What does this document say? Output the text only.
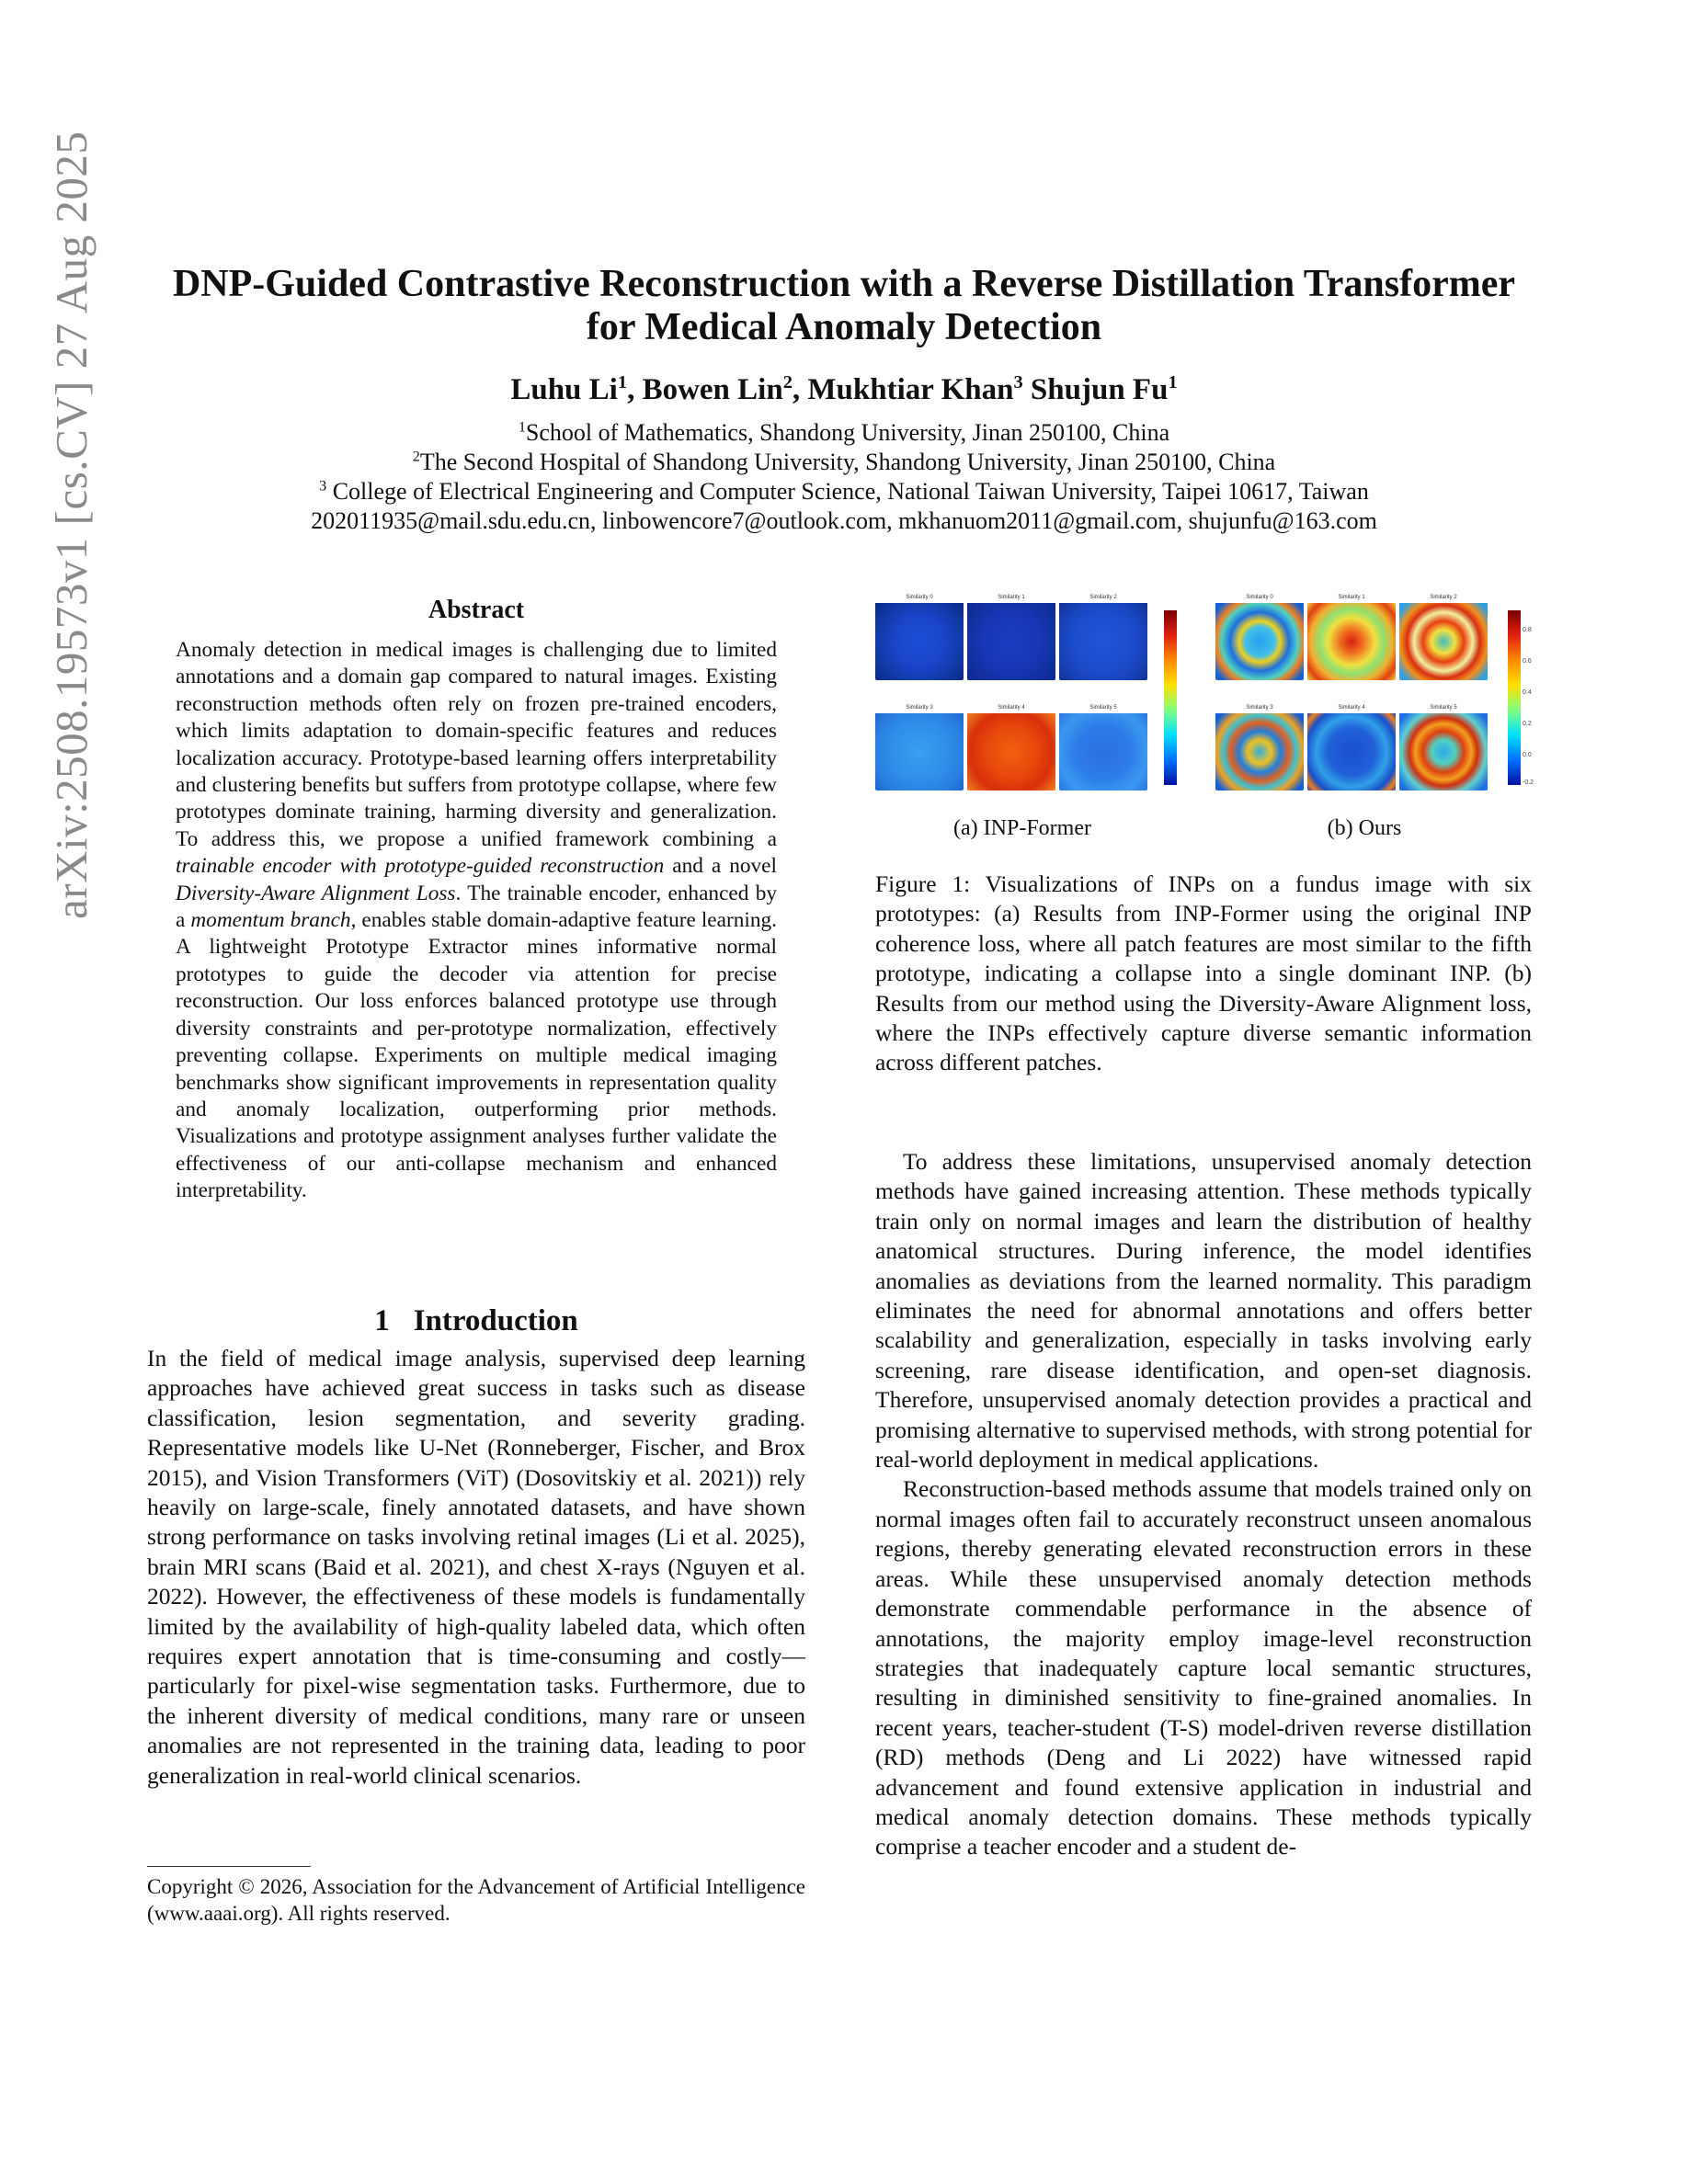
arXiv:2508.19573v1 [cs.CV] 27 Aug 2025	DNP-Guided Contrastive Reconstruction with a Reverse Distillation Transformer
for Medical Anomaly Detection
Luhu Li$^1$, Bowen Lin$^2$, Mukhtiar Khan$^3$ Shujun Fu$^1$
$^1$School of Mathematics, Shandong University, Jinan 250100, China
$^2$The Second Hospital of Shandong University, Shandong University, Jinan 250100, China
$^3$ College of Electrical Engineering and Computer Science, National Taiwan University, Taipei 10617, Taiwan
202011935@mail.sdu.edu.cn, linbowencore7@outlook.com, mkhanuom2011@gmail.com, shujunfu@163.com
Abstract
Anomaly detection in medical images is challenging due to limited annotations and a domain gap compared to natural images. Existing reconstruction methods often rely on frozen pre-trained encoders, which limits adaptation to domain-specific features and reduces localization accuracy. Prototype-based learning offers interpretability and clustering benefits but suffers from prototype collapse, where few prototypes dominate training, harming diversity and generalization. To address this, we propose a unified framework combining a trainable encoder with prototype-guided reconstruction and a novel Diversity-Aware Alignment Loss. The trainable encoder, enhanced by a momentum branch, enables stable domain-adaptive feature learning. A lightweight Prototype Extractor mines informative normal prototypes to guide the decoder via attention for precise reconstruction. Our loss enforces balanced prototype use through diversity constraints and per-prototype normalization, effectively preventing collapse. Experiments on multiple medical imaging benchmarks show significant improvements in representation quality and anomaly localization, outperforming prior methods. Visualizations and prototype assignment analyses further validate the effectiveness of our anti-collapse mechanism and enhanced interpretability.
1 Introduction

In the field of medical image analysis, supervised deep learning approaches have achieved great success in tasks such as disease classification, lesion segmentation, and severity grading. Representative models like U-Net (Ronneberger, Fischer, and Brox 2015), and Vision Transformers (ViT) (Dosovitskiy et al. 2021)) rely heavily on large-scale, finely annotated datasets, and have shown strong performance on tasks involving retinal images (Li et al. 2025), brain MRI scans (Baid et al. 2021), and chest X-rays (Nguyen et al. 2022). However, the effectiveness of these models is fundamentally limited by the availability of high-quality labeled data, which often requires expert annotation that is time-consuming and costly—particularly for pixel-wise segmentation tasks. Furthermore, due to the inherent diversity of medical conditions, many rare or unseen anomalies are not represented in the training data, leading to poor generalization in real-world clinical scenarios.

Copyright © 2026, Association for the Advancement of Artificial Intelligence (www.aaai.org). All rights reserved.
Similarity 0	Similarity 1	Similarity 2
Similarity 3	Similarity 4	Similarity 5
Similarity 0	Similarity 1	Similarity 2
Similarity 3	Similarity 4	Similarity 5
0.8
0.6
0.4
0.2
0.0
-0.2
(a) INP-Former	(b) Ours
Figure 1: Visualizations of INPs on a fundus image with six prototypes: (a) Results from INP-Former using the original INP coherence loss, where all patch features are most similar to the fifth prototype, indicating a collapse into a single dominant INP. (b) Results from our method using the Diversity-Aware Alignment loss, where the INPs effectively capture diverse semantic information across different patches.

To address these limitations, unsupervised anomaly detection methods have gained increasing attention. These methods typically train only on normal images and learn the distribution of healthy anatomical structures. During inference, the model identifies anomalies as deviations from the learned normality. This paradigm eliminates the need for abnormal annotations and offers better scalability and generalization, especially in tasks involving early screening, rare disease identification, and open-set diagnosis. Therefore, unsupervised anomaly detection provides a practical and promising alternative to supervised methods, with strong potential for real-world deployment in medical applications.

Reconstruction-based methods assume that models trained only on normal images often fail to accurately reconstruct unseen anomalous regions, thereby generating elevated reconstruction errors in these areas. While these unsupervised anomaly detection methods demonstrate commendable performance in the absence of annotations, the majority employ image-level reconstruction strategies that inadequately capture local semantic structures, resulting in diminished sensitivity to fine-grained anomalies. In recent years, teacher-student (T-S) model-driven reverse distillation (RD) methods (Deng and Li 2022) have witnessed rapid advancement and found extensive application in industrial and medical anomaly detection domains. These methods typically comprise a teacher encoder and a student de-
